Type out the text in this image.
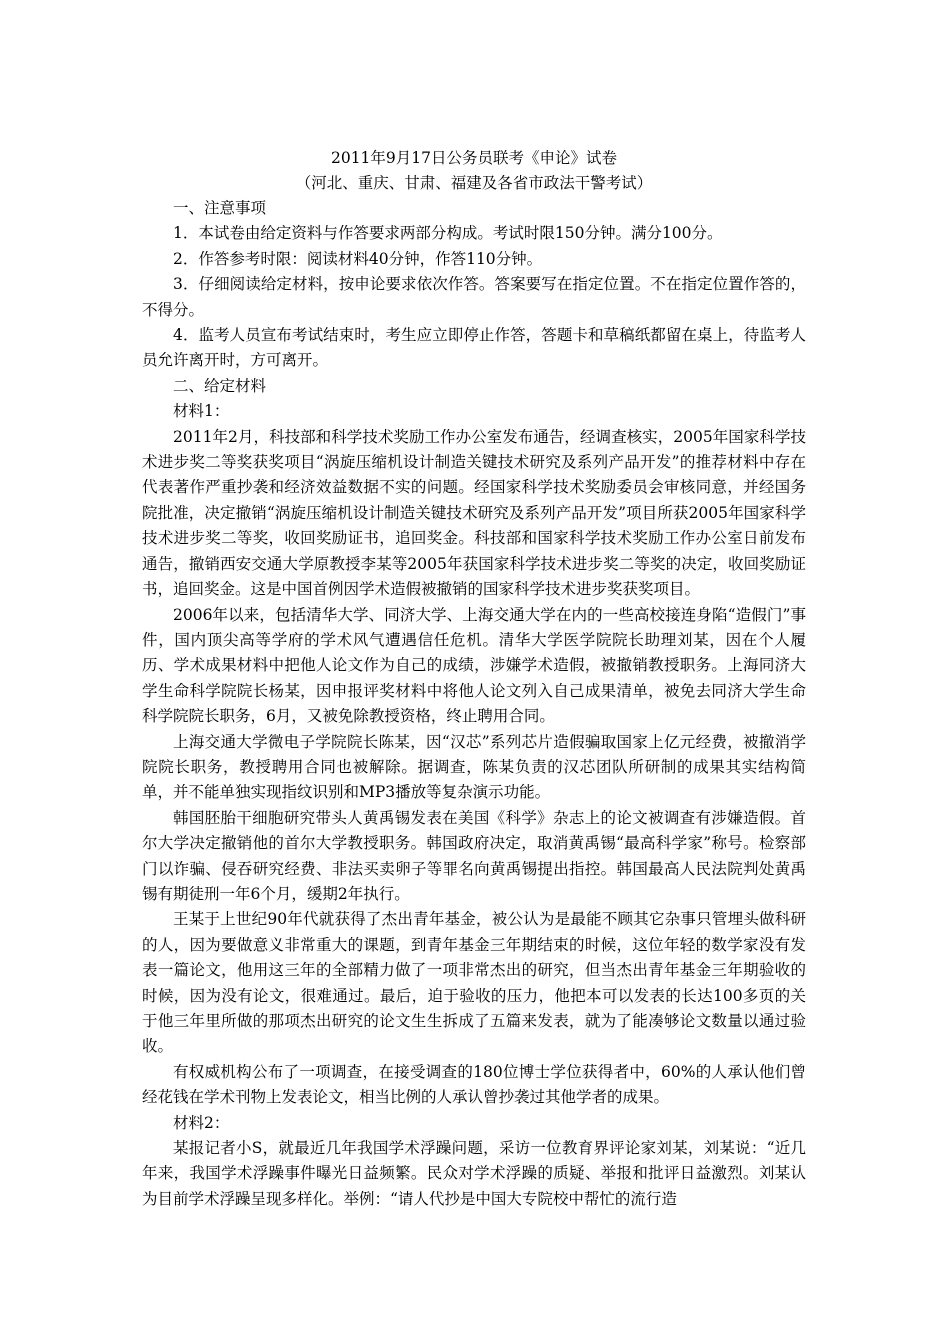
2011年9月17日公务员联考《申论》试卷

（河北、重庆、甘肃、福建及各省市政法干警考试）

一、注意事项

1．本试卷由给定资料与作答要求两部分构成。考试时限150分钟。满分100分。

2．作答参考时限：阅读材料40分钟，作答110分钟。

3．仔细阅读给定材料，按申论要求依次作答。答案要写在指定位置。不在指定位置作答的，不得分。

4．监考人员宣布考试结束时，考生应立即停止作答，答题卡和草稿纸都留在桌上，待监考人员允许离开时，方可离开。

二、给定材料

材料1：

2011年2月，科技部和科学技术奖励工作办公室发布通告，经调查核实，2005年国家科学技术进步奖二等奖获奖项目“涡旋压缩机设计制造关键技术研究及系列产品开发”的推荐材料中存在代表著作严重抄袭和经济效益数据不实的问题。经国家科学技术奖励委员会审核同意，并经国务院批准，决定撤销“涡旋压缩机设计制造关键技术研究及系列产品开发”项目所获2005年国家科学技术进步奖二等奖，收回奖励证书，追回奖金。科技部和国家科学技术奖励工作办公室日前发布通告，撤销西安交通大学原教授李某等2005年获国家科学技术进步奖二等奖的决定，收回奖励证书，追回奖金。这是中国首例因学术造假被撤销的国家科学技术进步奖获奖项目。

2006年以来，包括清华大学、同济大学、上海交通大学在内的一些高校接连身陷“造假门”事件，国内顶尖高等学府的学术风气遭遇信任危机。清华大学医学院院长助理刘某，因在个人履历、学术成果材料中把他人论文作为自己的成绩，涉嫌学术造假，被撤销教授职务。上海同济大学生命科学院院长杨某，因申报评奖材料中将他人论文列入自己成果清单，被免去同济大学生命科学院院长职务，6月，又被免除教授资格，终止聘用合同。

上海交通大学微电子学院院长陈某，因“汉芯”系列芯片造假骗取国家上亿元经费，被撤消学院院长职务，教授聘用合同也被解除。据调查，陈某负责的汉芯团队所研制的成果其实结构简单，并不能单独实现指纹识别和MP3播放等复杂演示功能。

韩国胚胎干细胞研究带头人黄禹锡发表在美国《科学》杂志上的论文被调查有涉嫌造假。首尔大学决定撤销他的首尔大学教授职务。韩国政府决定，取消黄禹锡“最高科学家”称号。检察部门以诈骗、侵吞研究经费、非法买卖卵子等罪名向黄禹锡提出指控。韩国最高人民法院判处黄禹锡有期徒刑一年6个月，缓期2年执行。

王某于上世纪90年代就获得了杰出青年基金，被公认为是最能不顾其它杂事只管埋头做科研的人，因为要做意义非常重大的课题，到青年基金三年期结束的时候，这位年轻的数学家没有发表一篇论文，他用这三年的全部精力做了一项非常杰出的研究，但当杰出青年基金三年期验收的时候，因为没有论文，很难通过。最后，迫于验收的压力，他把本可以发表的长达100多页的关于他三年里所做的那项杰出研究的论文生生拆成了五篇来发表，就为了能凑够论文数量以通过验收。

有权威机构公布了一项调查，在接受调查的180位博士学位获得者中，60%的人承认他们曾经花钱在学术刊物上发表论文，相当比例的人承认曾抄袭过其他学者的成果。

材料2：

某报记者小S，就最近几年我国学术浮躁问题，采访一位教育界评论家刘某，刘某说：“近几年来，我国学术浮躁事件曝光日益频繁。民众对学术浮躁的质疑、举报和批评日益激烈。刘某认为目前学术浮躁呈现多样化。举例：“请人代抄是中国大专院校中帮忙的流行造
